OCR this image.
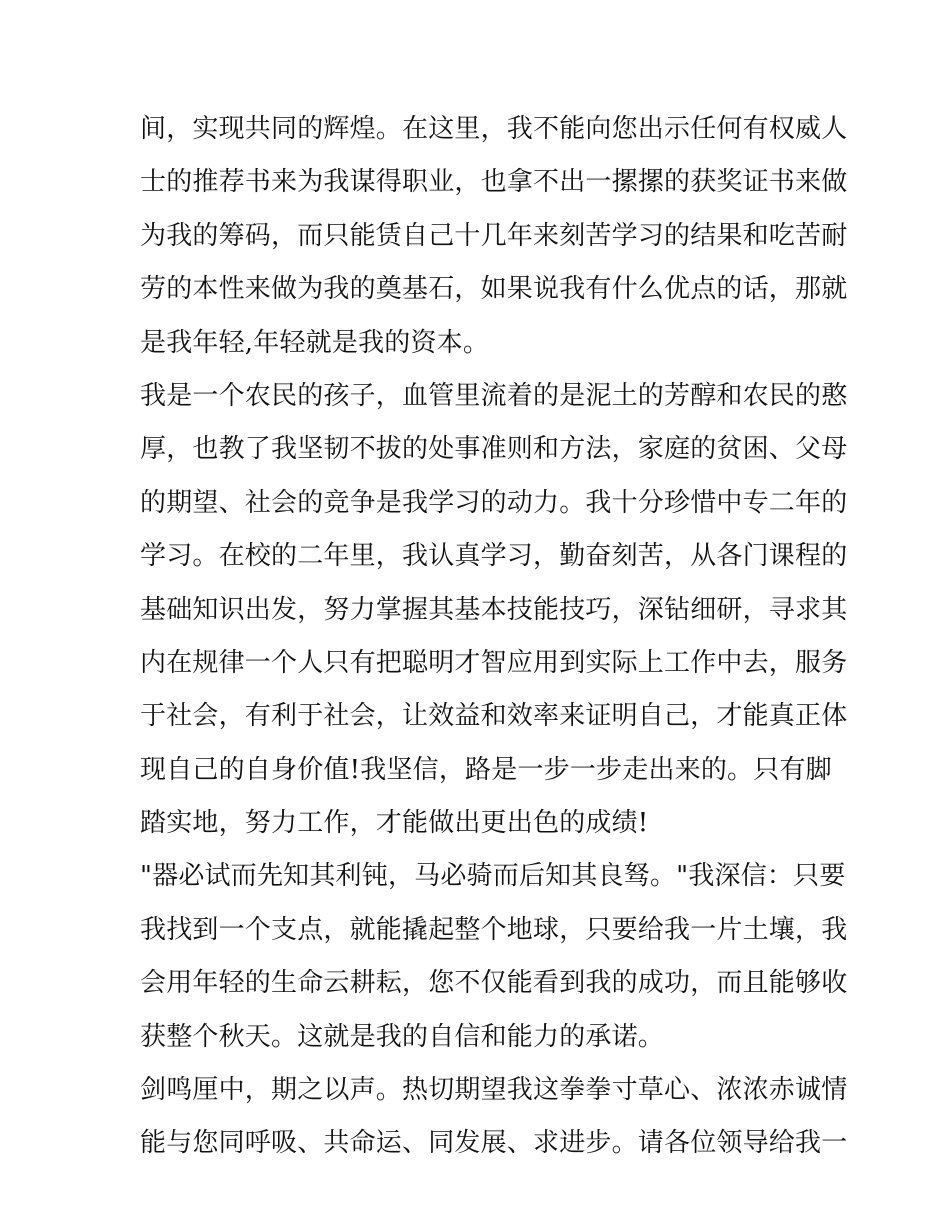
间，实现共同的辉煌。在这里，我不能向您出示任何有权威人
士的推荐书来为我谋得职业，也拿不出一摞摞的获奖证书来做
为我的筹码，而只能赁自己十几年来刻苦学习的结果和吃苦耐
劳的本性来做为我的奠基石，如果说我有什么优点的话，那就
是我年轻,年轻就是我的资本。
我是一个农民的孩子，血管里流着的是泥土的芳醇和农民的憨
厚，也教了我坚韧不拔的处事准则和方法，家庭的贫困、父母
的期望、社会的竞争是我学习的动力。我十分珍惜中专二年的
学习。在校的二年里，我认真学习，勤奋刻苦，从各门课程的
基础知识出发，努力掌握其基本技能技巧，深钻细研，寻求其
内在规律一个人只有把聪明才智应用到实际上工作中去，服务
于社会，有利于社会，让效益和效率来证明自己，才能真正体
现自己的自身价值!我坚信，路是一步一步走出来的。只有脚
踏实地，努力工作，才能做出更出色的成绩!
"器必试而先知其利钝，马必骑而后知其良驽。"我深信：只要
我找到一个支点，就能撬起整个地球，只要给我一片土壤，我
会用年轻的生命云耕耘，您不仅能看到我的成功，而且能够收
获整个秋天。这就是我的自信和能力的承诺。
剑鸣厘中，期之以声。热切期望我这拳拳寸草心、浓浓赤诚情
能与您同呼吸、共命运、同发展、求进步。请各位领导给我一
